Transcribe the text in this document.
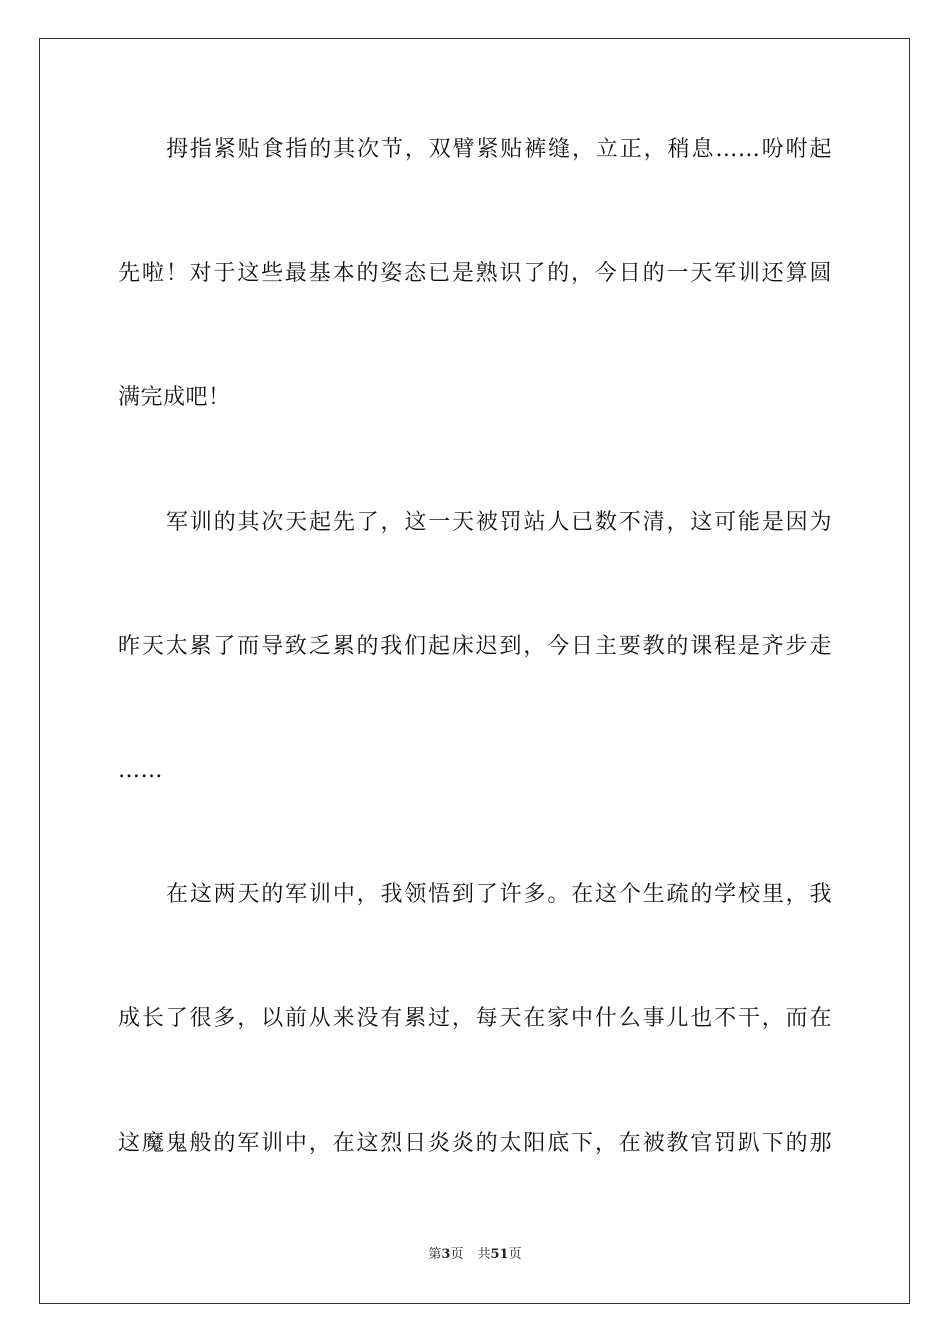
拇指紧贴食指的其次节，双臂紧贴裤缝，立正，稍息……吩咐起
先啦！对于这些最基本的姿态已是熟识了的，今日的一天军训还算圆
满完成吧！
军训的其次天起先了，这一天被罚站人已数不清，这可能是因为
昨天太累了而导致乏累的我们起床迟到，今日主要教的课程是齐步走
……
在这两天的军训中，我领悟到了许多。在这个生疏的学校里，我
成长了很多，以前从来没有累过，每天在家中什么事儿也不干，而在
这魔鬼般的军训中，在这烈日炎炎的太阳底下，在被教官罚趴下的那
第3页 共51页
